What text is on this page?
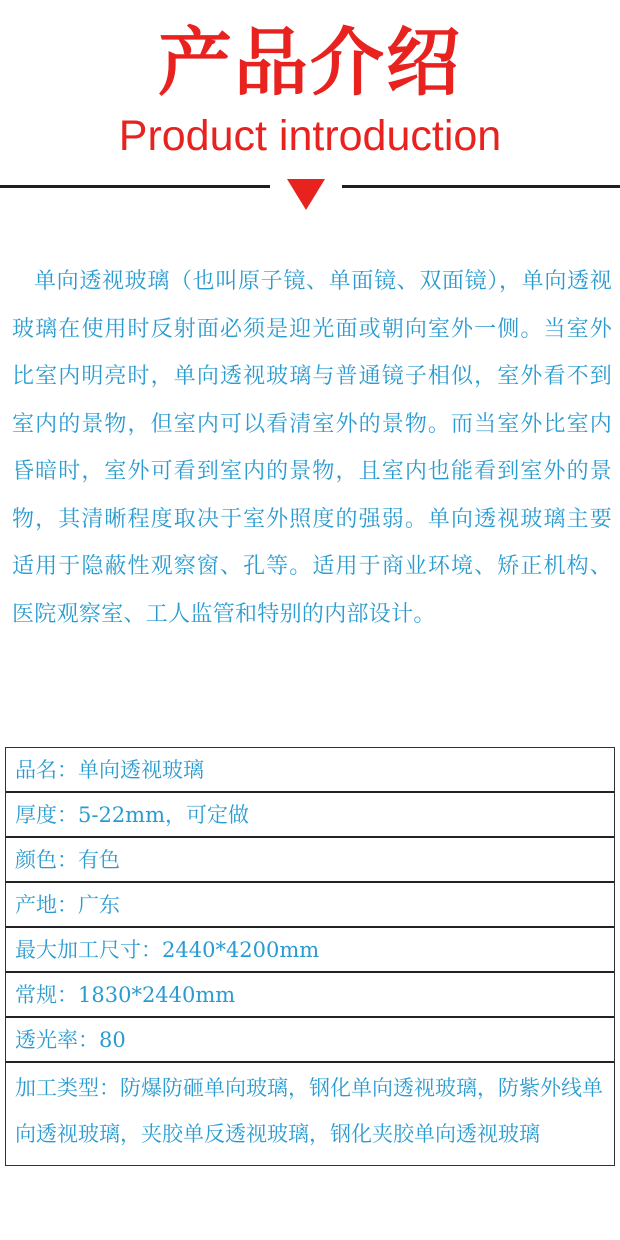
产品介绍
Product introduction

单向透视玻璃（也叫原子镜、单面镜、双面镜），单向透视玻璃在使用时反射面必须是迎光面或朝向室外一侧。当室外比室内明亮时，单向透视玻璃与普通镜子相似，室外看不到室内的景物，但室内可以看清室外的景物。而当室外比室内昏暗时，室外可看到室内的景物，且室内也能看到室外的景物，其清晰程度取决于室外照度的强弱。单向透视玻璃主要适用于隐蔽性观察窗、孔等。适用于商业环境、矫正机构、医院观察室、工人监管和特别的内部设计。

品名：单向透视玻璃
厚度：5-22mm，可定做
颜色：有色
产地：广东
最大加工尺寸：2440*4200mm
常规：1830*2440mm
透光率：80
加工类型：防爆防砸单向玻璃，钢化单向透视玻璃，防紫外线单向透视玻璃，夹胶单反透视玻璃，钢化夹胶单向透视玻璃
